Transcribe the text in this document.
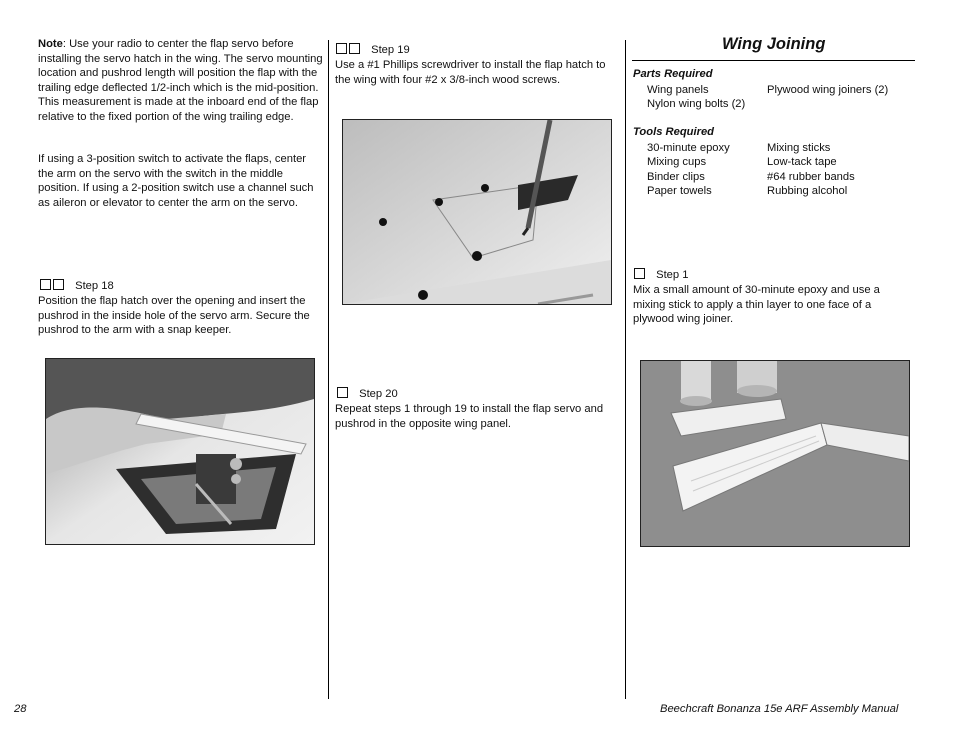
Note: Use your radio to center the flap servo before installing the servo hatch in the wing. The servo mounting location and pushrod length will position the flap with the trailing edge deflected 1/2-inch which is the mid-position. This measurement is made at the inboard end of the flap relative to the fixed portion of the wing trailing edge.

If using a 3-position switch to activate the flaps, center the arm on the servo with the switch in the middle position. If using a 2-position switch use a channel such as aileron or elevator to center the arm on the servo.
Step 18
Position the flap hatch over the opening and insert the pushrod in the inside hole of the servo arm. Secure the pushrod to the arm with a snap keeper.
Step 19
Use a #1 Phillips screwdriver to install the flap hatch to the wing with four #2 x 3/8-inch wood screws.
Step 20
Repeat steps 1 through 19 to install the flap servo and pushrod in the opposite wing panel.
Wing Joining
Parts Required
Wing panels
Nylon wing bolts (2)
Plywood wing joiners (2)
Tools Required
30-minute epoxy
Mixing cups
Binder clips
Paper towels
Mixing sticks
Low-tack tape
#64 rubber bands
Rubbing alcohol
Step 1
Mix a small amount of 30-minute epoxy and use a mixing stick to apply a thin layer to one face of a plywood wing joiner.
28	Beechcraft Bonanza 15e ARF Assembly Manual
